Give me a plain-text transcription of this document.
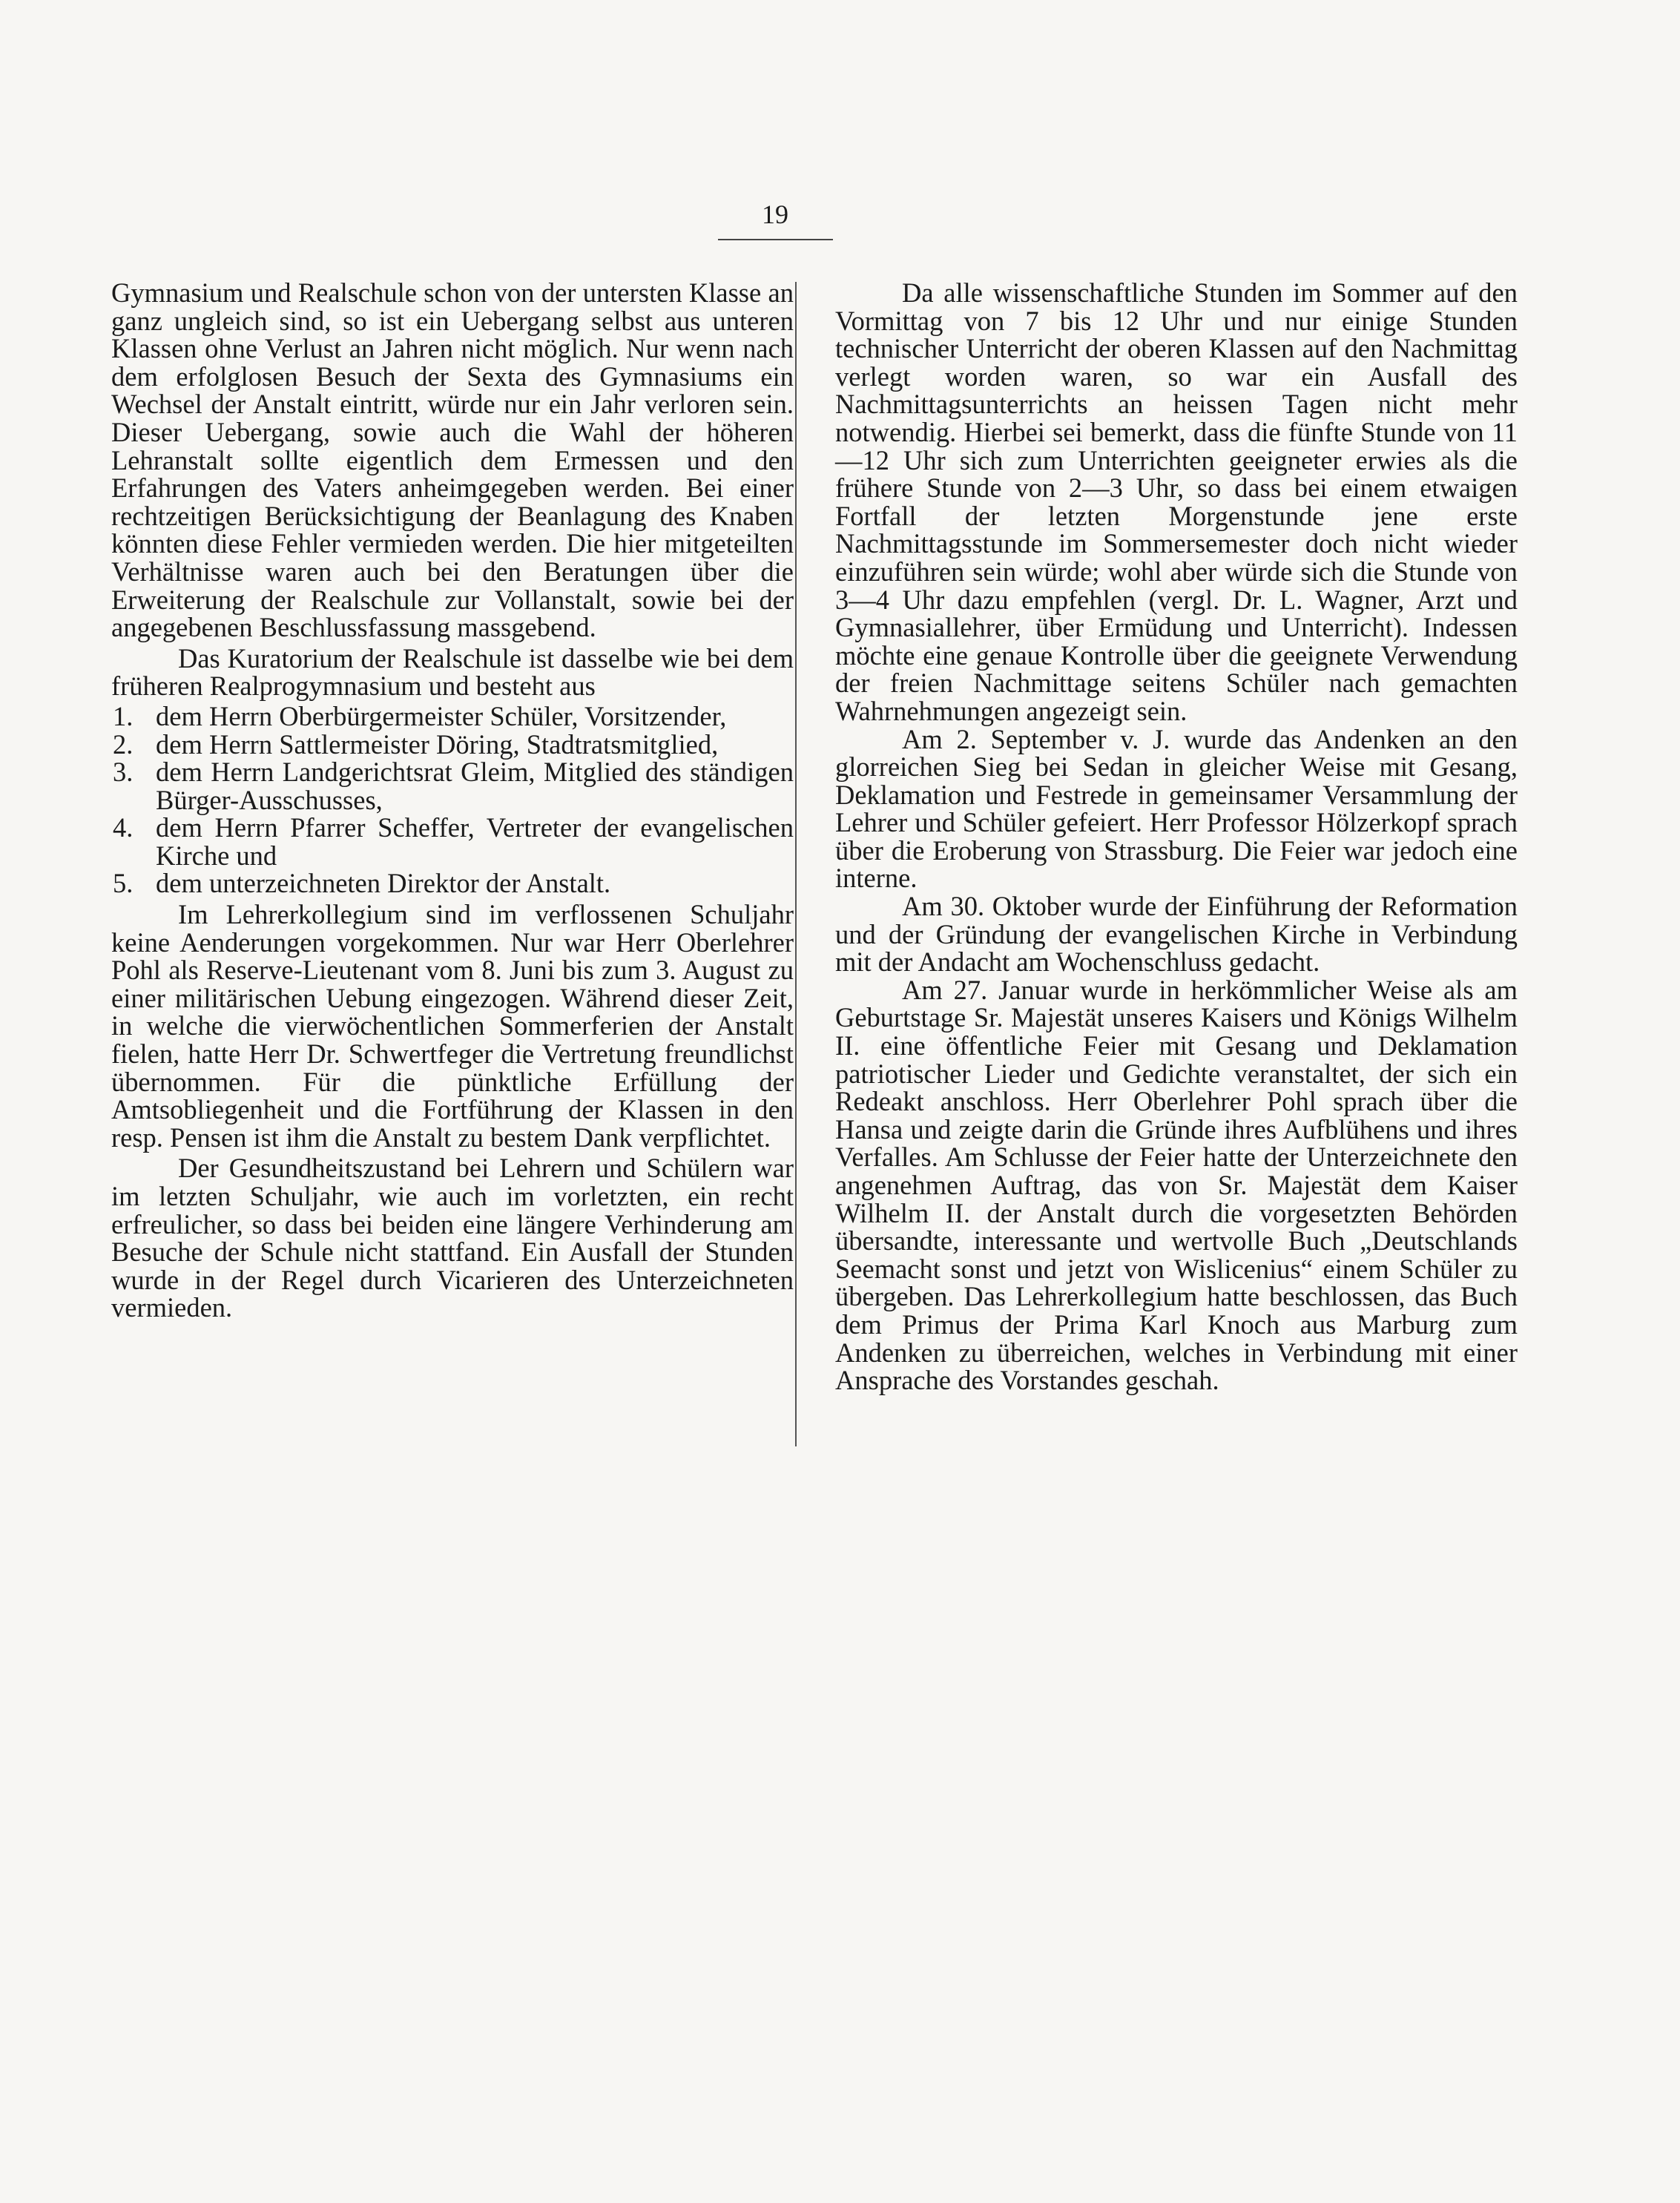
19

Gymnasium und Realschule schon von der untersten Klasse an ganz ungleich sind, so ist ein Uebergang selbst aus unteren Klassen ohne Verlust an Jahren nicht möglich. Nur wenn nach dem erfolglosen Besuch der Sexta des Gymnasiums ein Wechsel der Anstalt eintritt, würde nur ein Jahr verloren sein. Dieser Uebergang, sowie auch die Wahl der höheren Lehranstalt sollte eigentlich dem Ermessen und den Erfahrungen des Vaters anheimgegeben werden. Bei einer rechtzeitigen Berücksichtigung der Beanlagung des Knaben könnten diese Fehler vermieden werden. Die hier mitgeteilten Verhältnisse waren auch bei den Beratungen über die Erweiterung der Realschule zur Vollanstalt, sowie bei der angegebenen Beschlussfassung massgebend.

Das Kuratorium der Realschule ist dasselbe wie bei dem früheren Realprogymnasium und besteht aus

1. dem Herrn Oberbürgermeister Schüler, Vorsitzender,
2. dem Herrn Sattlermeister Döring, Stadtratsmitglied,
3. dem Herrn Landgerichtsrat Gleim, Mitglied des ständigen Bürger-Ausschusses,
4. dem Herrn Pfarrer Scheffer, Vertreter der evangelischen Kirche und
5. dem unterzeichneten Direktor der Anstalt.

Im Lehrerkollegium sind im verflossenen Schuljahr keine Aenderungen vorgekommen. Nur war Herr Oberlehrer Pohl als Reserve-Lieutenant vom 8. Juni bis zum 3. August zu einer militärischen Uebung eingezogen. Während dieser Zeit, in welche die vierwöchentlichen Sommerferien der Anstalt fielen, hatte Herr Dr. Schwertfeger die Vertretung freundlichst übernommen. Für die pünktliche Erfüllung der Amtsobliegenheit und die Fortführung der Klassen in den resp. Pensen ist ihm die Anstalt zu bestem Dank verpflichtet.

Der Gesundheitszustand bei Lehrern und Schülern war im letzten Schuljahr, wie auch im vorletzten, ein recht erfreulicher, so dass bei beiden eine längere Verhinderung am Besuche der Schule nicht stattfand. Ein Ausfall der Stunden wurde in der Regel durch Vicarieren des Unterzeichneten vermieden.

Da alle wissenschaftliche Stunden im Sommer auf den Vormittag von 7 bis 12 Uhr und nur einige Stunden technischer Unterricht der oberen Klassen auf den Nachmittag verlegt worden waren, so war ein Ausfall des Nachmittagsunterrichts an heissen Tagen nicht mehr notwendig. Hierbei sei bemerkt, dass die fünfte Stunde von 11—12 Uhr sich zum Unterrichten geeigneter erwies als die frühere Stunde von 2—3 Uhr, so dass bei einem etwaigen Fortfall der letzten Morgenstunde jene erste Nachmittagsstunde im Sommersemester doch nicht wieder einzuführen sein würde; wohl aber würde sich die Stunde von 3—4 Uhr dazu empfehlen (vergl. Dr. L. Wagner, Arzt und Gymnasiallehrer, über Ermüdung und Unterricht). Indessen möchte eine genaue Kontrolle über die geeignete Verwendung der freien Nachmittage seitens Schüler nach gemachten Wahrnehmungen angezeigt sein.

Am 2. September v. J. wurde das Andenken an den glorreichen Sieg bei Sedan in gleicher Weise mit Gesang, Deklamation und Festrede in gemeinsamer Versammlung der Lehrer und Schüler gefeiert. Herr Professor Hölzerkopf sprach über die Eroberung von Strassburg. Die Feier war jedoch eine interne.

Am 30. Oktober wurde der Einführung der Reformation und der Gründung der evangelischen Kirche in Verbindung mit der Andacht am Wochenschluss gedacht.

Am 27. Januar wurde in herkömmlicher Weise als am Geburtstage Sr. Majestät unseres Kaisers und Königs Wilhelm II. eine öffentliche Feier mit Gesang und Deklamation patriotischer Lieder und Gedichte veranstaltet, der sich ein Redeakt anschloss. Herr Oberlehrer Pohl sprach über die Hansa und zeigte darin die Gründe ihres Aufblühens und ihres Verfalles. Am Schlusse der Feier hatte der Unterzeichnete den angenehmen Auftrag, das von Sr. Majestät dem Kaiser Wilhelm II. der Anstalt durch die vorgesetzten Behörden übersandte, interessante und wertvolle Buch „Deutschlands Seemacht sonst und jetzt von Wislicenius“ einem Schüler zu übergeben. Das Lehrerkollegium hatte beschlossen, das Buch dem Primus der Prima Karl Knoch aus Marburg zum Andenken zu überreichen, welches in Verbindung mit einer Ansprache des Vorstandes geschah.
